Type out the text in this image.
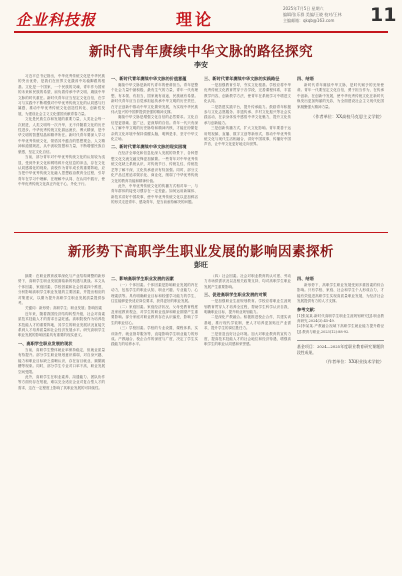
企业科技报	理论
2025年7月5日 星期六
编辑/张乐群 美编/王晓 校对/王林
主编邮箱：qkqb@163.com	11
新时代青年赓续中华文脉的路径探究
李安

习近平总书记指出，中华优秀传统文化是中华民族的突出优势，是我们在世界文化激荡中站稳脚跟的根基。文化是一个国家、一个民族的灵魂，青年作为国家的未来和民族的希望，肩负着传承中华文明、赓续中华文脉的时代重任。新时代青年应当坚定文化自信，在学习与实践中不断增强对中华优秀传统文化的认同感与归属感，推动中华优秀传统文化创造性转化、创新性发展，为建设社会主义文化强国贡献青春力量。

文化是民族生存和发展的重要力量，人类社会每一次跃进，人类文明每一次升华，无不伴随着文化的历史性进步。中华优秀传统文化源远流长、博大精深，是中华文明的智慧结晶和精华所在。新时代青年要深入学习中华优秀传统文化，领悟其中蕴含的思想观念、人文精神和道德规范，从中汲取智慧和力量，不断增强民族自豪感，坚定文化自信。

当前，部分青年对中华优秀传统文化的认知较为浅显，受到外来文化和网络碎片化信息的冲击，存在文化认同感弱化的现象。高校作为青年成长的重要阵地，应当把中华优秀传统文化融入思想政治教育全过程，引导青年在学习中理解、在理解中认同、在认同中践行，使中华优秀传统文化真正内化于心、外化于行。

一、新时代青年赓续中华文脉的价值意蕴

赓续中华文脉是新时代青年的使命担当。青年是整个社会力量中最积极、最有生气的力量，青年一代有理想、有本领、有担当，国家就有前途，民族就有希望。新时代青年应当自觉承担起传承中华文明的历史责任，在守正创新中推动中华文化繁荣发展，为实现中华民族伟大复兴的中国梦提供坚强的精神支撑。

赓续中华文脉是增强文化自信的必然要求。文化自信是更基础、更广泛、更深厚的自信。青年一代只有深入了解中华文明的历史脉络和精神内核，才能在纷繁复杂的文化环境中保持清醒头脑，明辨是非，坚守中华文化立场。

二、新时代青年赓续中华文脉的现实困境

在经济全球化和信息化深入发展的背景下，各种思想文化交流交融交锋更加频繁。一些青年对中华优秀传统文化缺乏系统认识，对传统节日、传统礼仪、传统技艺等了解不深，文化传承意识有待加强。同时，部分文化产品过度追求娱乐化、商业化，削弱了中华优秀传统文化的教育功能和精神价值。

此外，中华优秀传统文化的传播方式相对单一，与青年群体的接受习惯存在一定差距。如何运用新媒体、新技术讲好中国故事，使中华优秀传统文化以更加鲜活的形式走进青年、感染青年，是当前亟待解决的问题。

三、新时代青年赓续中华文脉的实践路径

一是加强教育引导，夯实文化根基。学校应将中华优秀传统文化教育贯穿于各学段，完善课程体系，丰富教学内容，创新教学方法，使青年在系统学习中增进文化认同。

二是搭建实践平台，提升传承能力。鼓励青年积极参与文化志愿服务、非遗传承、乡村文化振兴等社会实践活动，在亲身体验中感悟中华文化魅力，提升文化传承与创新能力。

三是创新传播方式，扩大文化影响。青年要善于运用短视频、直播、数字文创等新形式，推动中华优秀传统文化与现代生活相融合，讲好中国故事，传播好中国声音，让中华文化更好地走向世界。

四、结语

新时代青年赓续中华文脉，是时代赋予的光荣使命。青年一代要坚定文化自信，勇于担当作为，在传承中创新、在创新中发展，使中华优秀传统文化在新时代焕发出更加绚丽的光彩，为全面建设社会主义现代化国家凝聚强大精神力量。

（作者单位：XX高校马克思主义学院）
新形势下高职学生职业发展的影响因素探析
彭旺

摘要：在职业教育改革深化与产业结构调整的新形势下，高职学生职业发展面临新的机遇与挑战。本文从个体因素、家庭因素、学校因素和社会因素四个维度，分析影响高职学生职业发展的主要因素，并提出相应的对策建议，以期为提升高职学生职业发展质量提供参考。

关键词：新形势；高职学生；职业发展；影响因素

近年来，随着我国经济结构转型升级，社会对高素质技术技能人才的需求日益旺盛。高职院校作为培养技术技能人才的重要阵地，其学生的职业发展状况直接关系到人才培养质量和社会经济发展水平。研究高职学生职业发展的影响因素具有重要的现实意义。

一、高职学生职业发展的现状

当前，高职学生整体就业率保持稳定，但就业质量有待提升。部分学生职业规划意识薄弱，对自身兴趣、能力和职业目标缺乏清晰认识，存在盲目就业、频繁跳槽等现象。同时，部分学生专业对口率不高，职业发展空间受限。

此外，高职学生在职业素养、沟通能力、团队协作等方面仍存在短板，难以完全适应企业对复合型人才的需求，这在一定程度上影响了其职业发展的可持续性。

二、影响高职学生职业发展的因素

（一）个体因素。个体因素是影响职业发展的内在动力，包括学生的职业认知、职业兴趣、专业能力、心理素质等。具有明确职业目标和较强学习能力的学生，往往能够更快适应岗位要求，获得更好的职业发展。

（二）家庭因素。家庭经济状况、父母受教育程度及家庭教育观念，对学生的职业选择和职业期望产生重要影响。部分家庭对职业教育存在认识偏差，影响了学生的职业信心。

（三）学校因素。学校的专业设置、课程体系、实训条件、就业指导服务等，直接影响学生职业能力的形成。产教融合、校企合作的深度与广度，决定了学生实践能力的培养水平。

（四）社会因素。社会对职业教育的认可度、劳动力市场供需状况以及相关政策支持，均对高职学生职业发展产生重要影响。

三、促进高职学生职业发展的对策

一是加强职业生涯规划教育。学校应将职业生涯规划教育贯穿人才培养全过程，帮助学生科学认识自我，明确职业目标，提升职业规划能力。

二是深化产教融合。积极推进校企合作，共建实训基地，推行现代学徒制，使人才培养更加贴近产业需求，提升学生的岗位胜任力。

三是营造良好社会环境。加大对职业教育的宣传力度，提高技术技能人才的社会地位和经济待遇，增强高职学生的职业认同感和荣誉感。

四、结语

新形势下，高职学生职业发展受到多重因素的综合影响。只有学校、家庭、社会和学生个人形成合力，才能有效促进高职学生实现高质量职业发展，为经济社会发展提供有力的人才支撑。

参考文献：
[1]张某某.新时代高职学生职业生涯规划研究[J].职业教育研究,2024(3):45-49.
[2]李某某.产教融合视域下高职学生就业能力提升路径[J].教育与职业,2023(12):88-92.
基金项目：2024—2025年度职业教育研究课题阶段性成果。
（作者单位：XX职业技术学院）
